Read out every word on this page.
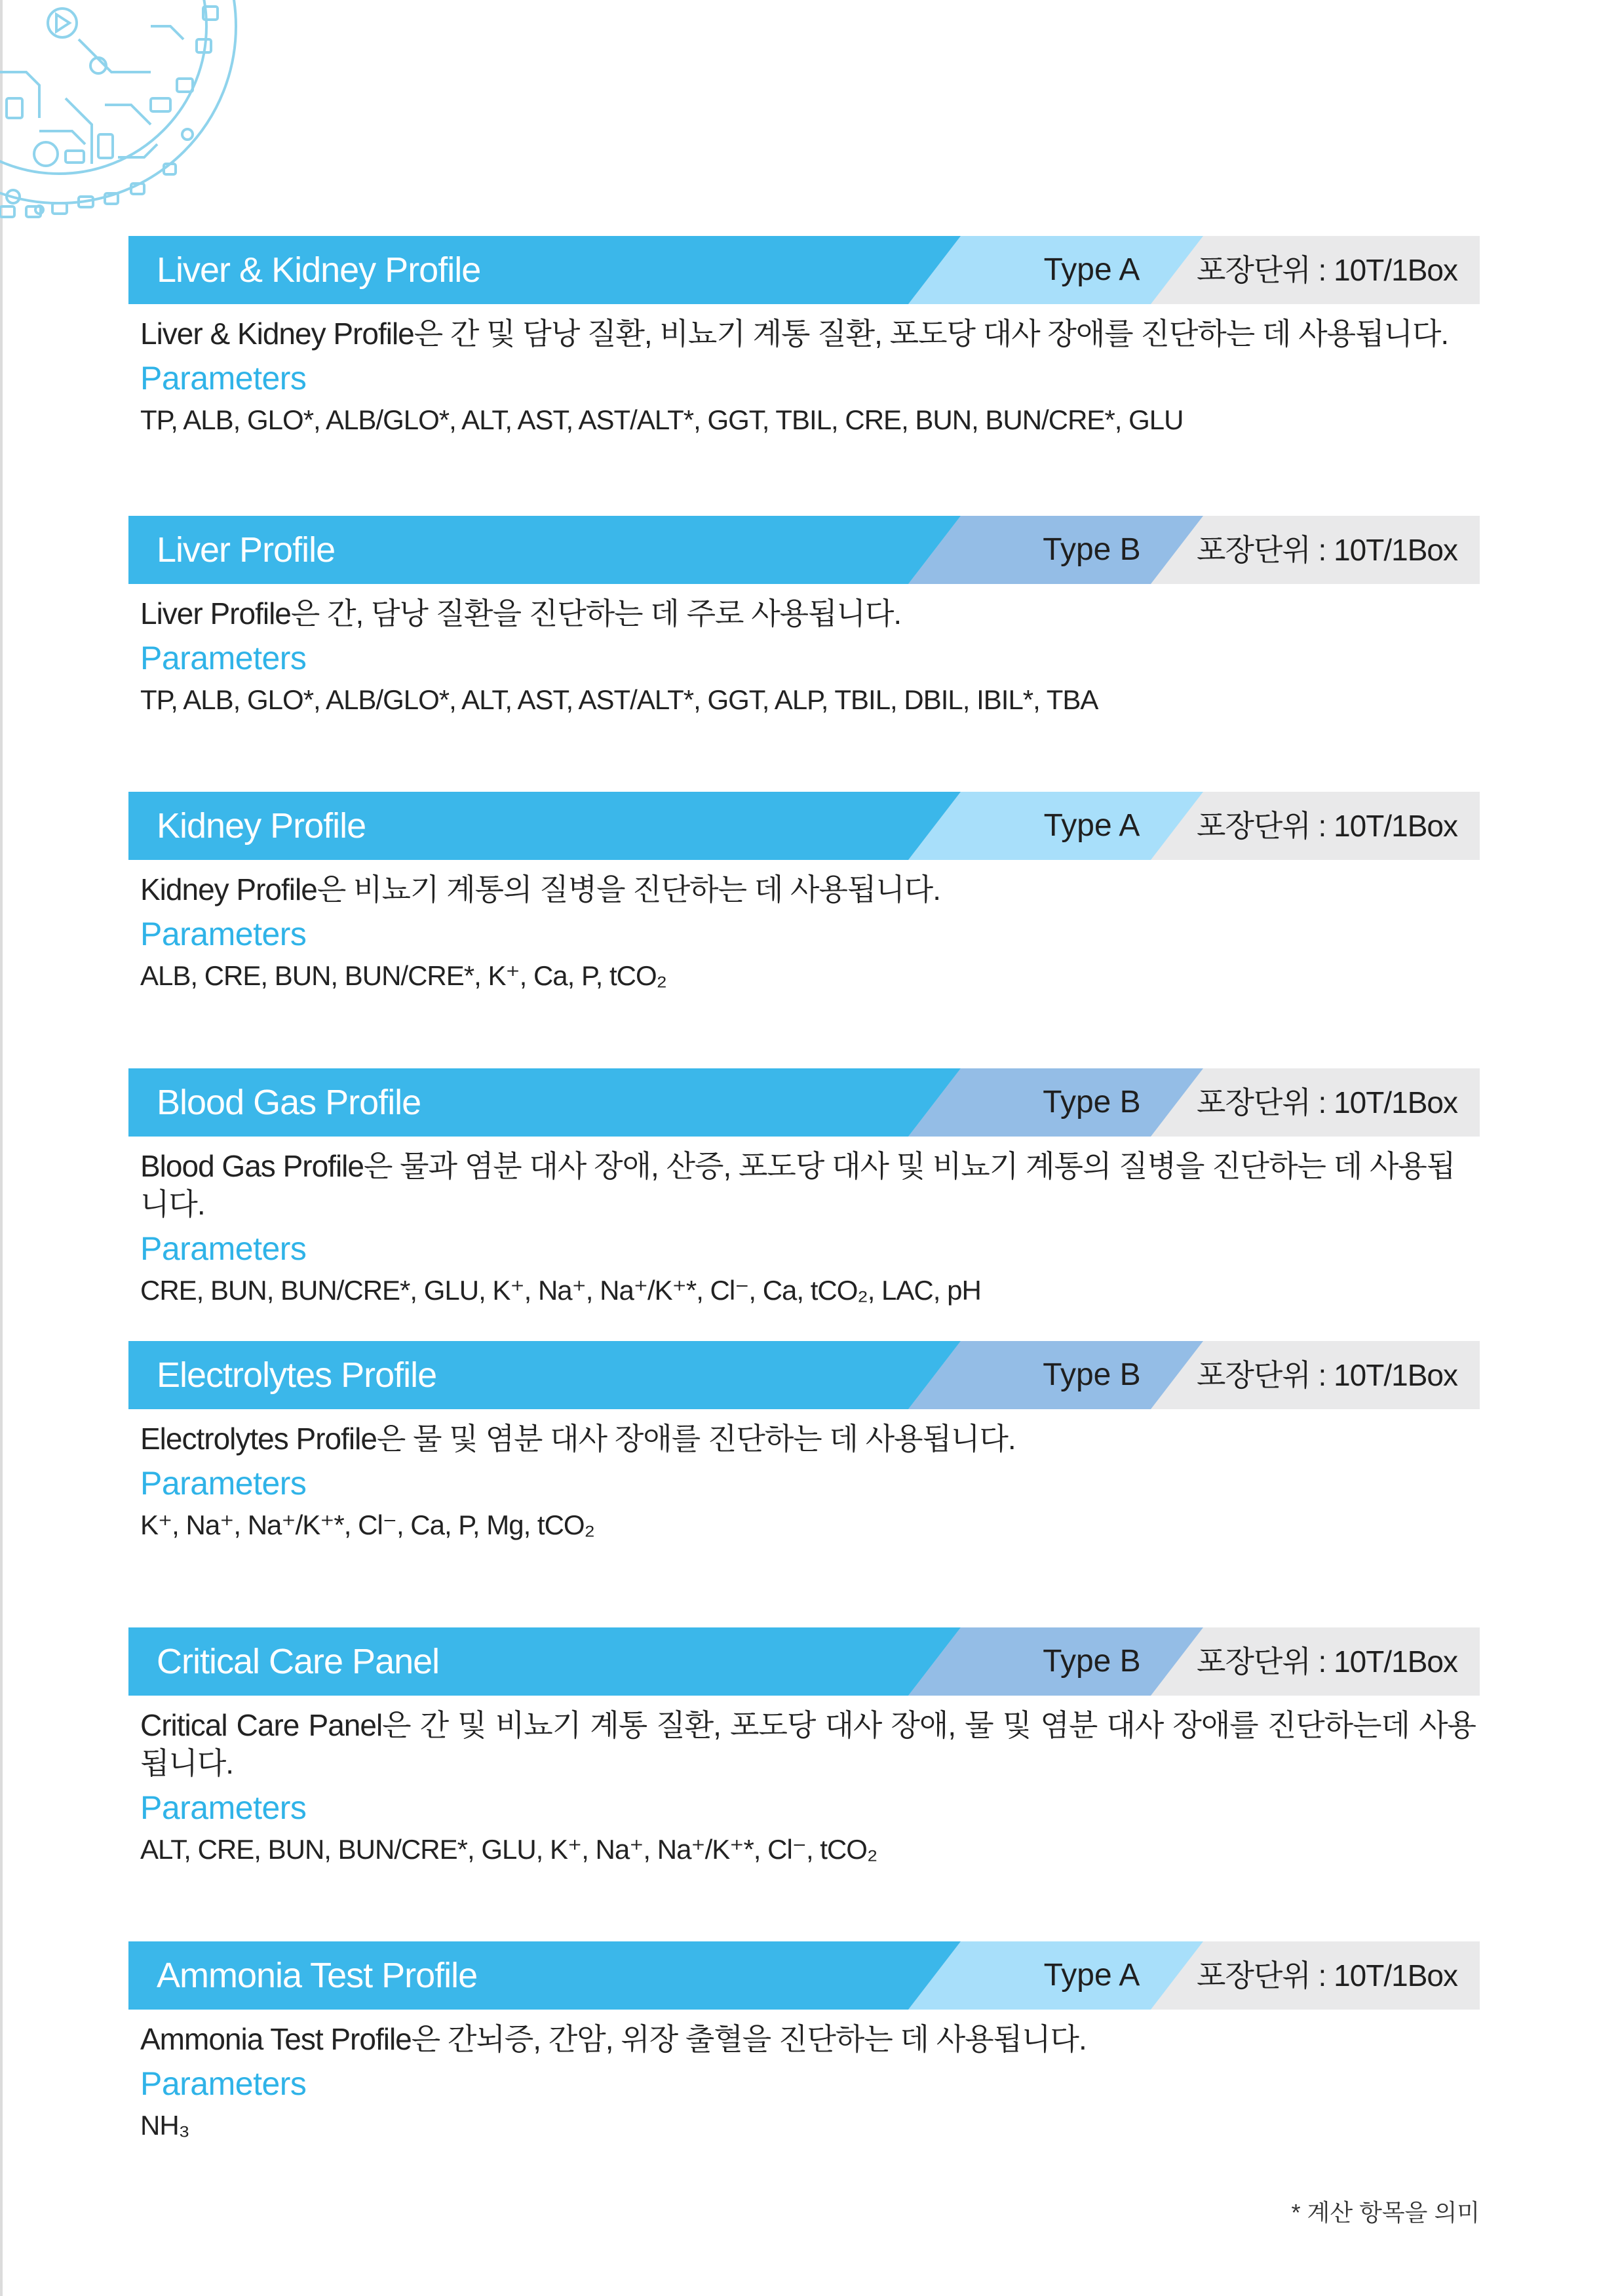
Liver & Kidney Profile	Type A	포장단위 : 10T/1Box
Liver & Kidney Profile은 간 및 담낭 질환, 비뇨기 계통 질환, 포도당 대사 장애를 진단하는 데 사용됩니다.
Parameters
TP, ALB, GLO*, ALB/GLO*, ALT, AST, AST/ALT*, GGT, TBIL, CRE, BUN, BUN/CRE*, GLU
Liver Profile	Type B	포장단위 : 10T/1Box
Liver Profile은 간, 담낭 질환을 진단하는 데 주로 사용됩니다.
Parameters
TP, ALB, GLO*, ALB/GLO*, ALT, AST, AST/ALT*, GGT, ALP, TBIL, DBIL, IBIL*, TBA
Kidney Profile	Type A	포장단위 : 10T/1Box
Kidney Profile은 비뇨기 계통의 질병을 진단하는 데 사용됩니다.
Parameters
ALB, CRE, BUN, BUN/CRE*, K⁺, Ca, P, tCO₂
Blood Gas Profile	Type B	포장단위 : 10T/1Box
Blood Gas Profile은 물과 염분 대사 장애, 산증, 포도당 대사 및 비뇨기 계통의 질병을 진단하는 데 사용됩니다.
Parameters
CRE, BUN, BUN/CRE*, GLU, K⁺, Na⁺, Na⁺/K⁺*, Cl⁻, Ca, tCO₂, LAC, pH
Electrolytes Profile	Type B	포장단위 : 10T/1Box
Electrolytes Profile은 물 및 염분 대사 장애를 진단하는 데 사용됩니다.
Parameters
K⁺, Na⁺, Na⁺/K⁺*, Cl⁻, Ca, P, Mg, tCO₂
Critical Care Panel	Type B	포장단위 : 10T/1Box
Critical Care Panel은 간 및 비뇨기 계통 질환, 포도당 대사 장애, 물 및 염분 대사 장애를 진단하는데 사용됩니다.
Parameters
ALT, CRE, BUN, BUN/CRE*, GLU, K⁺, Na⁺, Na⁺/K⁺*, Cl⁻, tCO₂
Ammonia Test Profile	Type A	포장단위 : 10T/1Box
Ammonia Test Profile은 간뇌증, 간암, 위장 출혈을 진단하는 데 사용됩니다.
Parameters
NH₃
* 계산 항목을 의미
